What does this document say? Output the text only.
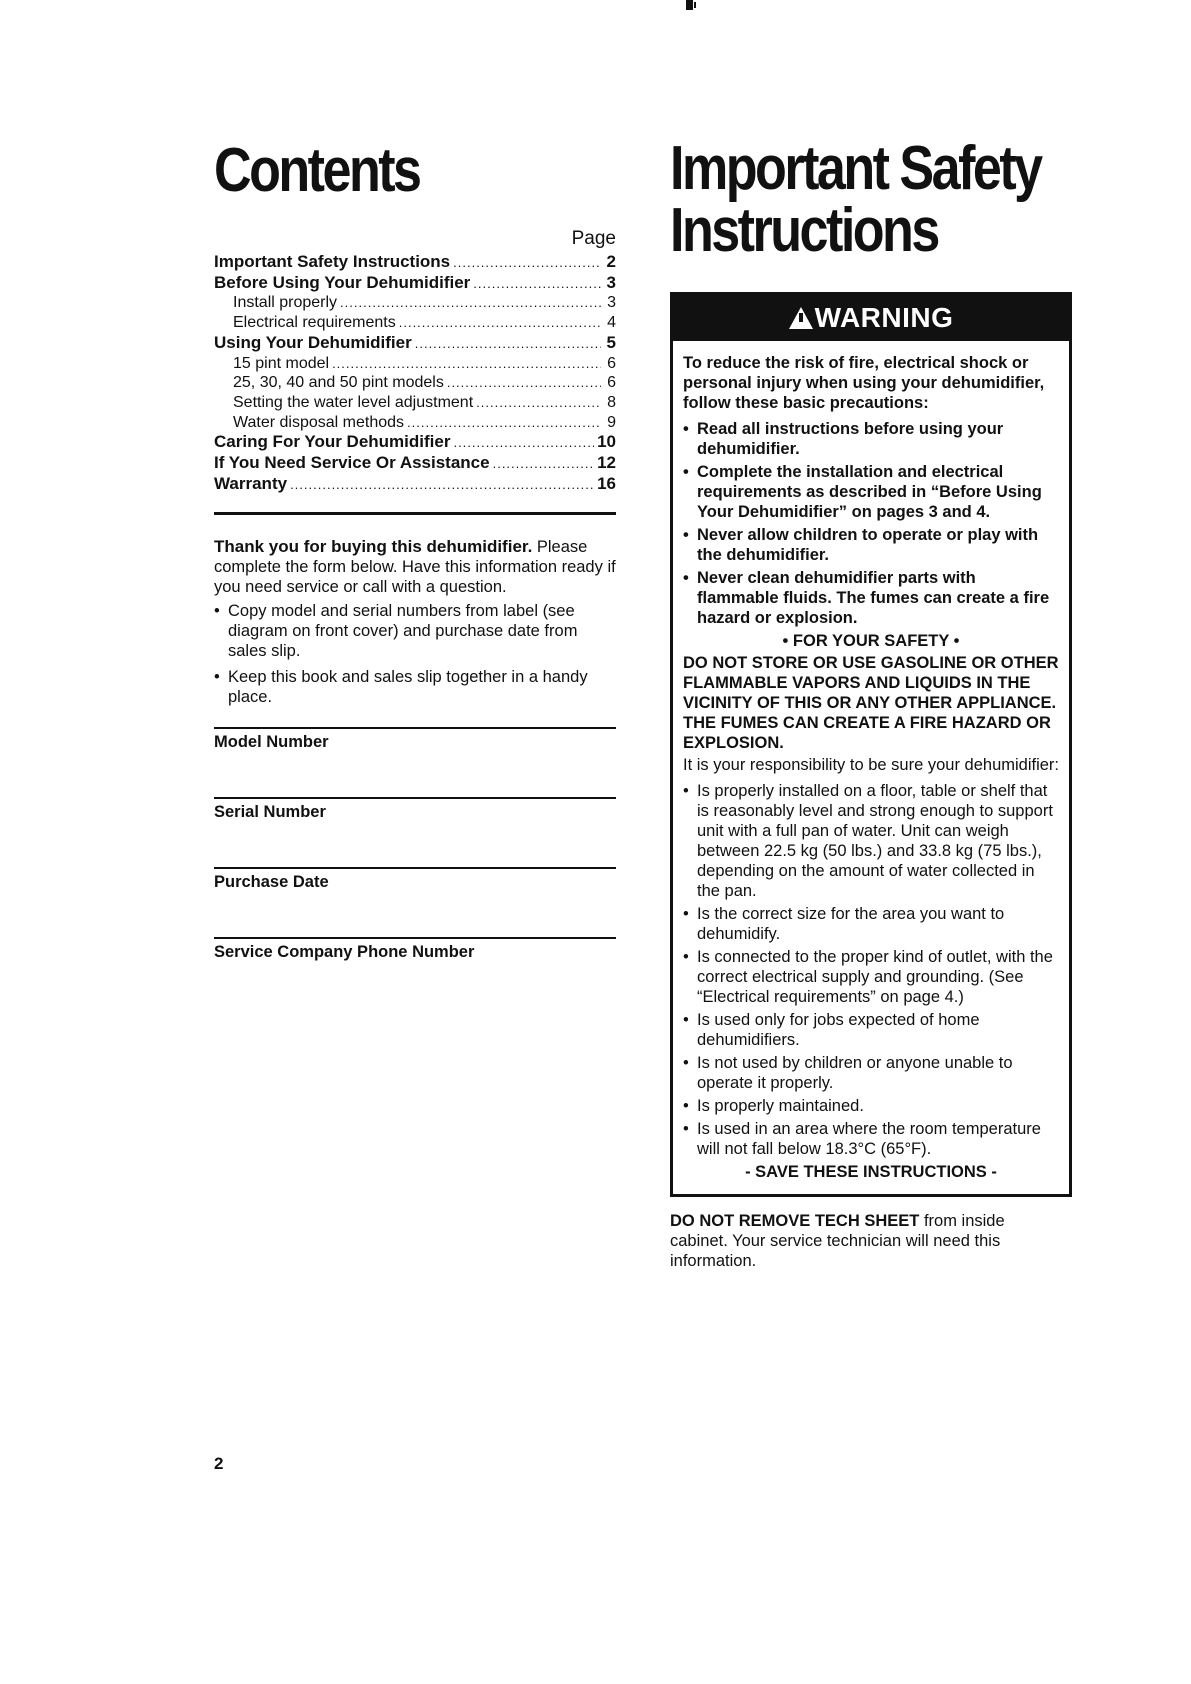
Contents
Page
Important Safety Instructions .....	2
Before Using Your Dehumidifier .....	3
Install properly .....	3
Electrical requirements .....	4
Using Your Dehumidifier .....	5
15 pint model .....	6
25, 30, 40 and 50 pint models .....	6
Setting the water level adjustment .....	8
Water disposal methods .....	9
Caring For Your Dehumidifier .....	10
If You Need Service Or Assistance .....	12
Warranty .....	16
Thank you for buying this dehumidifier. Please complete the form below. Have this information ready if you need service or call with a question.
• Copy model and serial numbers from label (see diagram on front cover) and purchase date from sales slip.
• Keep this book and sales slip together in a handy place.
Model Number
Serial Number
Purchase Date
Service Company Phone Number
Important Safety
Instructions
WARNING
To reduce the risk of fire, electrical shock or personal injury when using your dehumidifier, follow these basic precautions:
• Read all instructions before using your dehumidifier.
• Complete the installation and electrical requirements as described in “Before Using Your Dehumidifier” on pages 3 and 4.
• Never allow children to operate or play with the dehumidifier.
• Never clean dehumidifier parts with flammable fluids. The fumes can create a fire hazard or explosion.
• FOR YOUR SAFETY •
DO NOT STORE OR USE GASOLINE OR OTHER FLAMMABLE VAPORS AND LIQUIDS IN THE VICINITY OF THIS OR ANY OTHER APPLIANCE. THE FUMES CAN CREATE A FIRE HAZARD OR EXPLOSION.
It is your responsibility to be sure your dehumidifier:
• Is properly installed on a floor, table or shelf that is reasonably level and strong enough to support unit with a full pan of water. Unit can weigh between 22.5 kg (50 lbs.) and 33.8 kg (75 lbs.), depending on the amount of water collected in the pan.
• Is the correct size for the area you want to dehumidify.
• Is connected to the proper kind of outlet, with the correct electrical supply and grounding. (See “Electrical requirements” on page 4.)
• Is used only for jobs expected of home dehumidifiers.
• Is not used by children or anyone unable to operate it properly.
• Is properly maintained.
• Is used in an area where the room temperature will not fall below 18.3°C (65°F).
- SAVE THESE INSTRUCTIONS -
DO NOT REMOVE TECH SHEET from inside cabinet. Your service technician will need this information.
2
